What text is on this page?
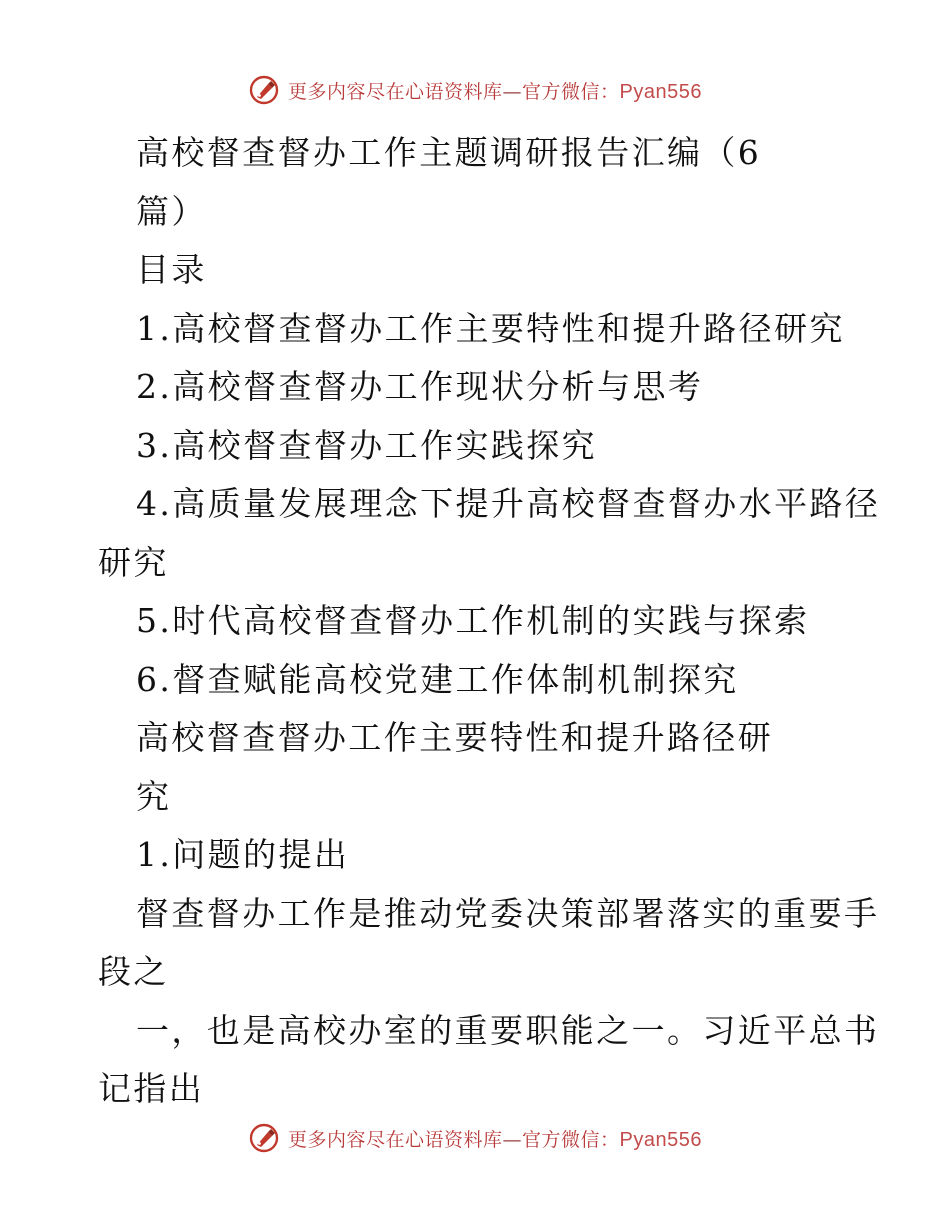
更多内容尽在心语资料库—官方微信：Pyan556
高校督查督办工作主题调研报告汇编（6
篇）
目录
1.高校督查督办工作主要特性和提升路径研究
2.高校督查督办工作现状分析与思考
3.高校督查督办工作实践探究
4.高质量发展理念下提升高校督查督办水平路径
研究
5.时代高校督查督办工作机制的实践与探索
6.督查赋能高校党建工作体制机制探究
高校督查督办工作主要特性和提升路径研
究
1.问题的提出
督查督办工作是推动党委决策部署落实的重要手
段之
一，也是高校办室的重要职能之一。习近平总书
记指出
更多内容尽在心语资料库—官方微信：Pyan556
